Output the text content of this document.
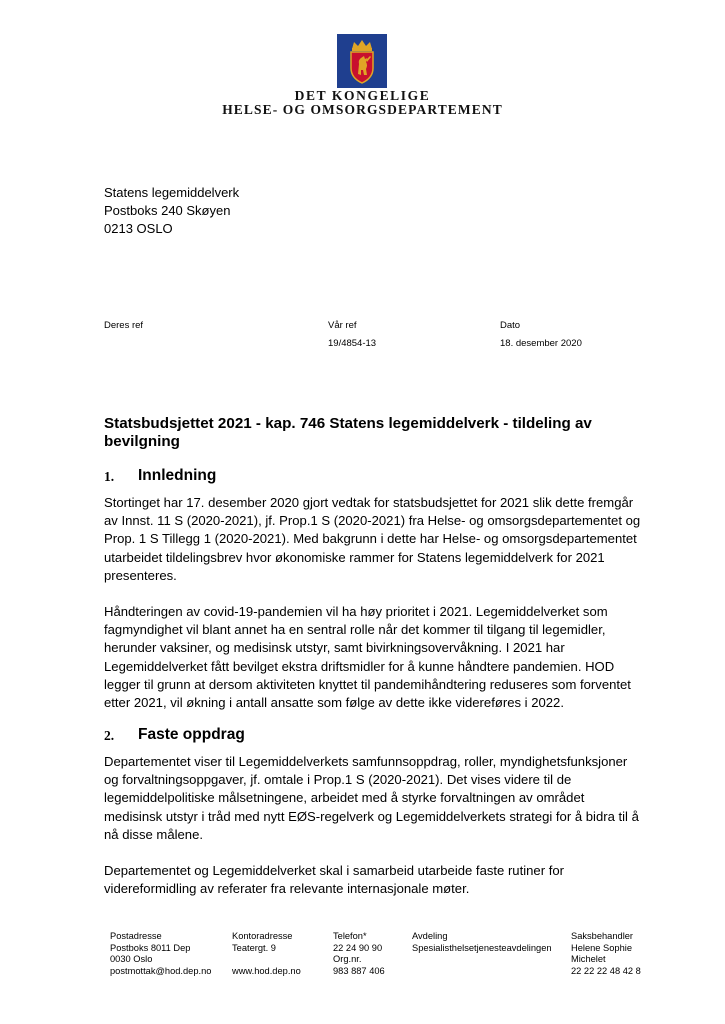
DET KONGELIGE
HELSE- OG OMSORGSDEPARTEMENT
Statens legemiddelverk
Postboks 240 Skøyen
0213 OSLO
Deres ref	Vår ref
19/4854-13
Dato
18. desember 2020
Statsbudsjettet 2021 - kap. 746 Statens legemiddelverk - tildeling av bevilgning
1. Innledning
Stortinget har 17. desember 2020 gjort vedtak for statsbudsjettet for 2021 slik dette fremgår
av Innst. 11 S (2020-2021), jf. Prop.1 S (2020-2021) fra Helse- og omsorgsdepartementet og
Prop. 1 S Tillegg 1 (2020-2021). Med bakgrunn i dette har Helse- og omsorgsdepartementet
utarbeidet tildelingsbrev hvor økonomiske rammer for Statens legemiddelverk for 2021
presenteres.
Håndteringen av covid-19-pandemien vil ha høy prioritet i 2021. Legemiddelverket som
fagmyndighet vil blant annet ha en sentral rolle når det kommer til tilgang til legemidler,
herunder vaksiner, og medisinsk utstyr, samt bivirkningsovervåkning. I 2021 har
Legemiddelverket fått bevilget ekstra driftsmidler for å kunne håndtere pandemien. HOD
legger til grunn at dersom aktiviteten knyttet til pandemihåndtering reduseres som forventet
etter 2021, vil økning i antall ansatte som følge av dette ikke videreføres i 2022.
2. Faste oppdrag
Departementet viser til Legemiddelverkets samfunnsoppdrag, roller, myndighetsfunksjoner
og forvaltningsoppgaver, jf. omtale i Prop.1 S (2020-2021). Det vises videre til de
legemiddelpolitiske målsetningene, arbeidet med å styrke forvaltningen av området
medisinsk utstyr i tråd med nytt EØS-regelverk og Legemiddelverkets strategi for å bidra til å
nå disse målene.
Departementet og Legemiddelverket skal i samarbeid utarbeide faste rutiner for
videreformidling av referater fra relevante internasjonale møter.
Postadresse
Postboks 8011 Dep
0030 Oslo
postmottak@hod.dep.no
Kontoradresse
Teatergt. 9

www.hod.dep.no
Telefon*
22 24 90 90
Org.nr.
983 887 406
Avdeling
Spesialisthelsetjenesteavdelingen
Saksbehandler
Helene Sophie
Michelet
22 22 22 48 42 8
